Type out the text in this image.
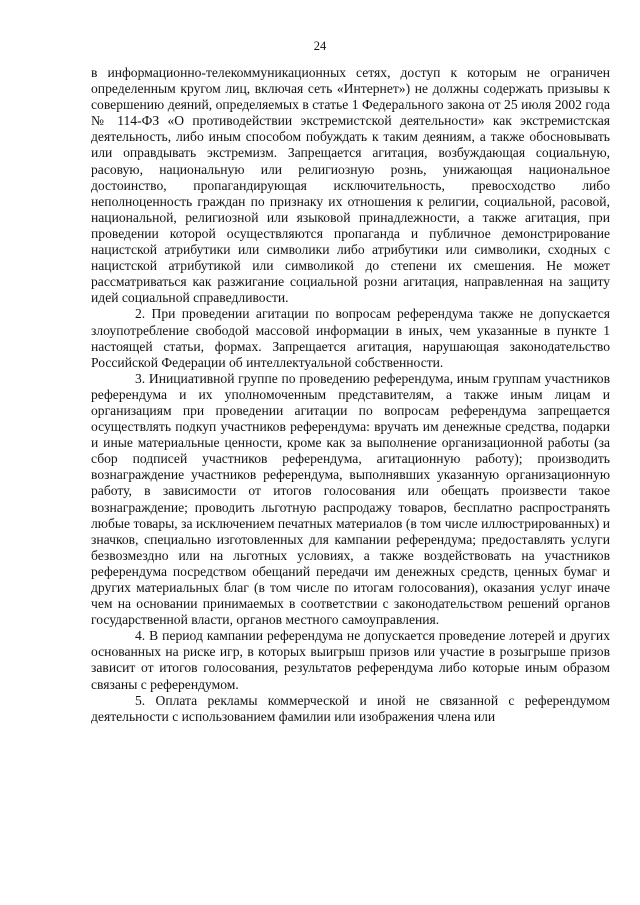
24

в информационно-телекоммуникационных сетях, доступ к которым не ограничен определенным кругом лиц, включая сеть «Интернет») не должны содержать призывы к совершению деяний, определяемых в статье 1 Федерального закона от 25 июля 2002 года № 114-ФЗ «О противодействии экстремистской деятельности» как экстремистская деятельность, либо иным способом побуждать к таким деяниям, а также обосновывать или оправдывать экстремизм. Запрещается агитация, возбуждающая социальную, расовую, национальную или религиозную рознь, унижающая национальное достоинство, пропагандирующая исключительность, превосходство либо неполноценность граждан по признаку их отношения к религии, социальной, расовой, национальной, религиозной или языковой принадлежности, а также агитация, при проведении которой осуществляются пропаганда и публичное демонстрирование нацистской атрибутики или символики либо атрибутики или символики, сходных с нацистской атрибутикой или символикой до степени их смешения. Не может рассматриваться как разжигание социальной розни агитация, направленная на защиту идей социальной справедливости.

2. При проведении агитации по вопросам референдума также не допускается злоупотребление свободой массовой информации в иных, чем указанные в пункте 1 настоящей статьи, формах. Запрещается агитация, нарушающая законодательство Российской Федерации об интеллектуальной собственности.

3. Инициативной группе по проведению референдума, иным группам участников референдума и их уполномоченным представителям, а также иным лицам и организациям при проведении агитации по вопросам референдума запрещается осуществлять подкуп участников референдума: вручать им денежные средства, подарки и иные материальные ценности, кроме как за выполнение организационной работы (за сбор подписей участников референдума, агитационную работу); производить вознаграждение участников референдума, выполнявших указанную организационную работу, в зависимости от итогов голосования или обещать произвести такое вознаграждение; проводить льготную распродажу товаров, бесплатно распространять любые товары, за исключением печатных материалов (в том числе иллюстрированных) и значков, специально изготовленных для кампании референдума; предоставлять услуги безвозмездно или на льготных условиях, а также воздействовать на участников референдума посредством обещаний передачи им денежных средств, ценных бумаг и других материальных благ (в том числе по итогам голосования), оказания услуг иначе чем на основании принимаемых в соответствии с законодательством решений органов государственной власти, органов местного самоуправления.

4. В период кампании референдума не допускается проведение лотерей и других основанных на риске игр, в которых выигрыш призов или участие в розыгрыше призов зависит от итогов голосования, результатов референдума либо которые иным образом связаны с референдумом.

5. Оплата рекламы коммерческой и иной не связанной с референдумом деятельности с использованием фамилии или изображения члена или
